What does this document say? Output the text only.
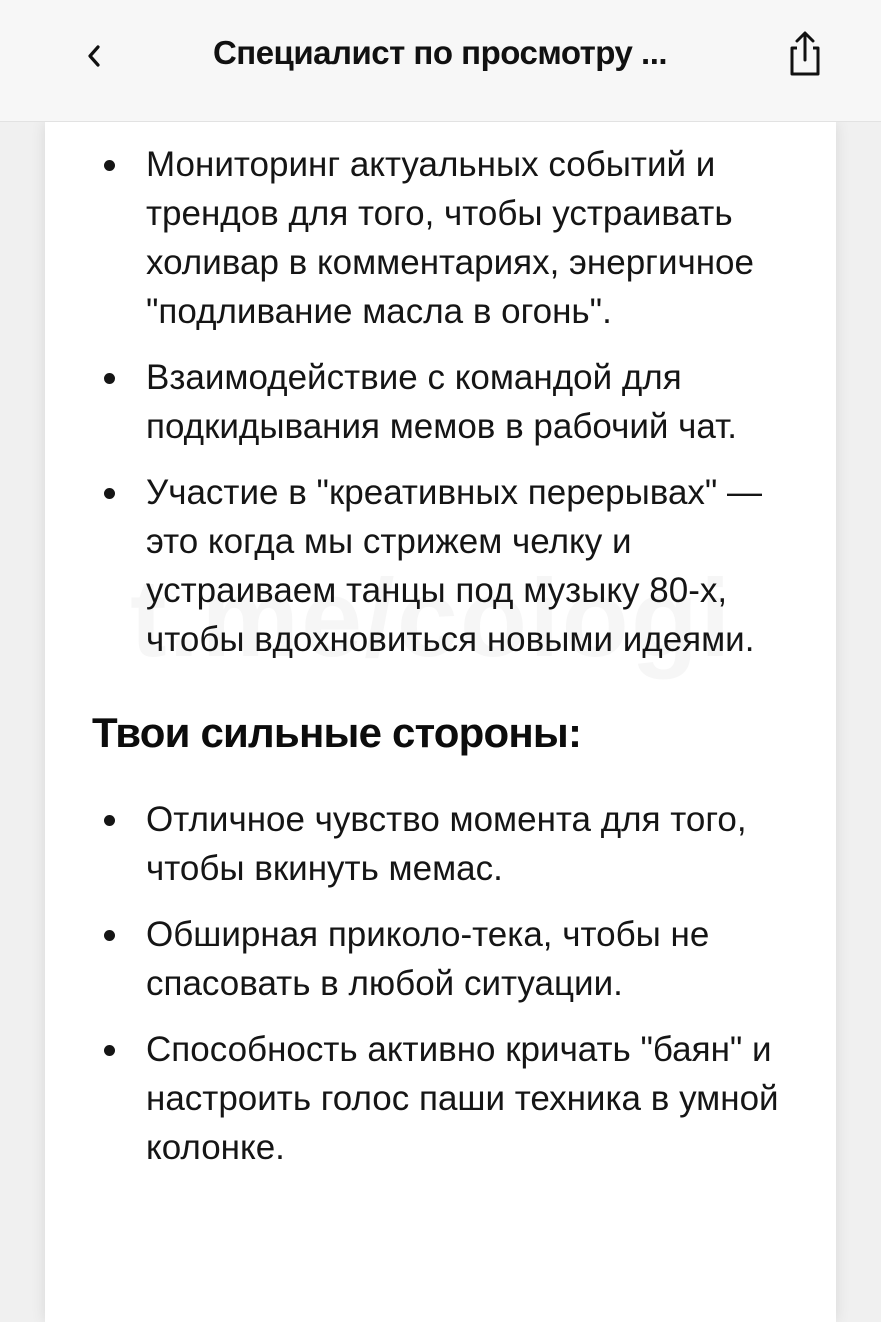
Специалист по просмотру ...
Мониторинг актуальных событий и трендов для того, чтобы устраивать холивар в комментариях, энергичное "подливание масла в огонь".
Взаимодействие с командой для подкидывания мемов в рабочий чат.
Участие в "креативных перерывах" — это когда мы стрижем челку и устраиваем танцы под музыку 80-х, чтобы вдохновиться новыми идеями.
Твои сильные стороны:
Отличное чувство момента для того, чтобы вкинуть мемас.
Обширная приколо-тека, чтобы не спасовать в любой ситуации.
Способность активно кричать "баян" и настроить голос паши техника в умной колонке.
